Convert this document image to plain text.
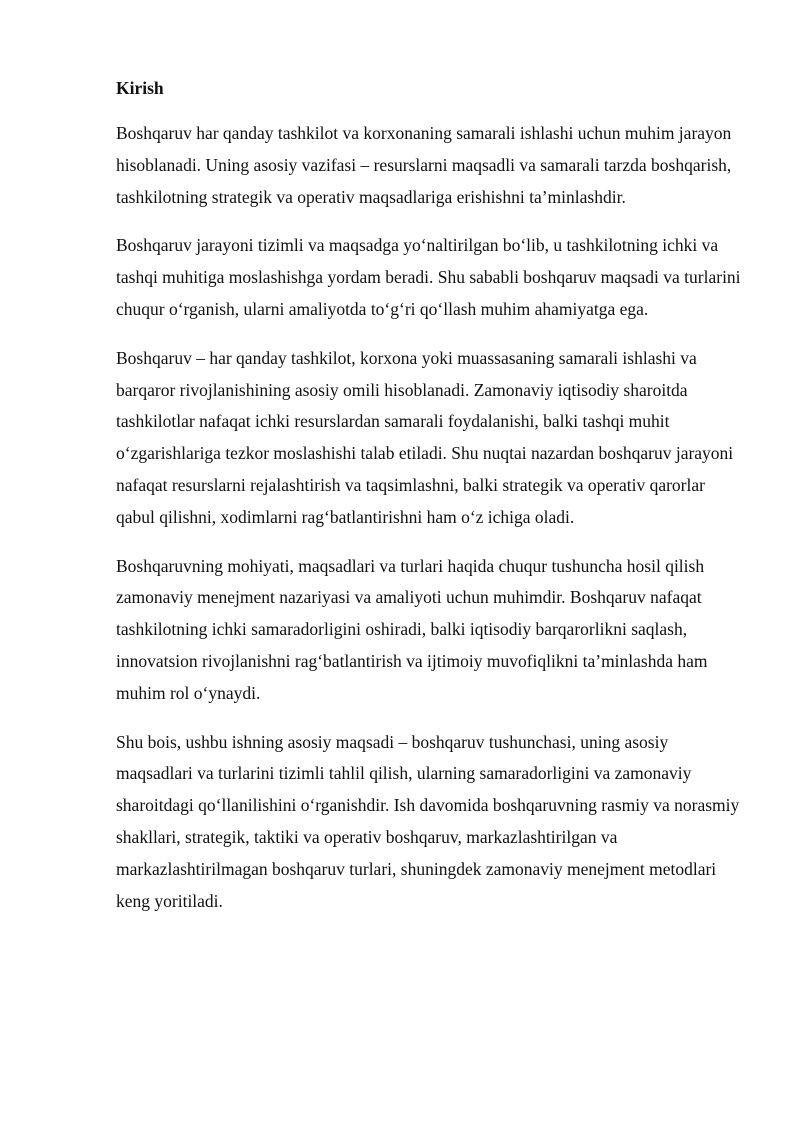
Kirish

Boshqaruv har qanday tashkilot va korxonaning samarali ishlashi uchun muhim jarayon hisoblanadi. Uning asosiy vazifasi – resurslarni maqsadli va samarali tarzda boshqarish, tashkilotning strategik va operativ maqsadlariga erishishni ta’minlashdir.

Boshqaruv jarayoni tizimli va maqsadga yo‘naltirilgan bo‘lib, u tashkilotning ichki va tashqi muhitiga moslashishga yordam beradi. Shu sababli boshqaruv maqsadi va turlarini chuqur o‘rganish, ularni amaliyotda to‘g‘ri qo‘llash muhim ahamiyatga ega.

Boshqaruv – har qanday tashkilot, korxona yoki muassasaning samarali ishlashi va barqaror rivojlanishining asosiy omili hisoblanadi. Zamonaviy iqtisodiy sharoitda tashkilotlar nafaqat ichki resurslardan samarali foydalanishi, balki tashqi muhit o‘zgarishlariga tezkor moslashishi talab etiladi. Shu nuqtai nazardan boshqaruv jarayoni nafaqat resurslarni rejalashtirish va taqsimlashni, balki strategik va operativ qarorlar qabul qilishni, xodimlarni rag‘batlantirishni ham o‘z ichiga oladi.

Boshqaruvning mohiyati, maqsadlari va turlari haqida chuqur tushuncha hosil qilish zamonaviy menejment nazariyasi va amaliyoti uchun muhimdir. Boshqaruv nafaqat tashkilotning ichki samaradorligini oshiradi, balki iqtisodiy barqarorlikni saqlash, innovatsion rivojlanishni rag‘batlantirish va ijtimoiy muvofiqlikni ta’minlashda ham muhim rol o‘ynaydi.

Shu bois, ushbu ishning asosiy maqsadi – boshqaruv tushunchasi, uning asosiy maqsadlari va turlarini tizimli tahlil qilish, ularning samaradorligini va zamonaviy sharoitdagi qo‘llanilishini o‘rganishdir. Ish davomida boshqaruvning rasmiy va norasmiy shakllari, strategik, taktiki va operativ boshqaruv, markazlashtirilgan va markazlashtirilmagan boshqaruv turlari, shuningdek zamonaviy menejment metodlari keng yoritiladi.
